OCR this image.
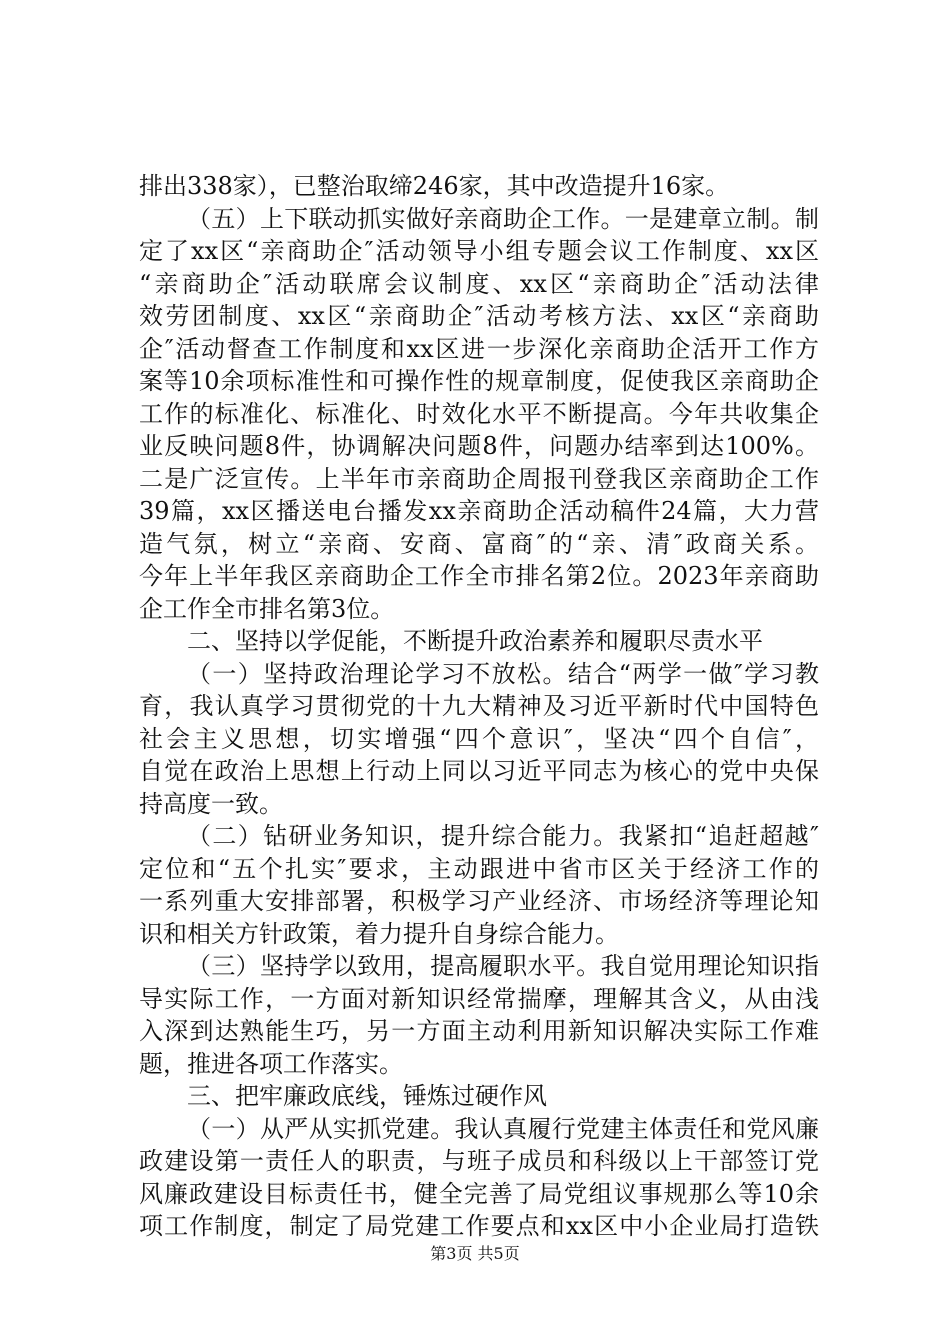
排出338家），已整治取缔246家，其中改造提升16家。
（五）上下联动抓实做好亲商助企工作。一是建章立制。制
定了xx区“亲商助企″活动领导小组专题会议工作制度、xx区
“亲商助企″活动联席会议制度、xx区“亲商助企″活动法律
效劳团制度、xx区“亲商助企″活动考核方法、xx区“亲商助
企″活动督查工作制度和xx区进一步深化亲商助企活开工作方
案等10余项标准性和可操作性的规章制度，促使我区亲商助企
工作的标准化、标准化、时效化水平不断提高。今年共收集企
业反映问题8件，协调解决问题8件，问题办结率到达100%。
二是广泛宣传。上半年市亲商助企周报刊登我区亲商助企工作
39篇，xx区播送电台播发xx亲商助企活动稿件24篇，大力营
造气氛，树立“亲商、安商、富商″的“亲、清″政商关系。
今年上半年我区亲商助企工作全市排名第2位。2023年亲商助
企工作全市排名第3位。
二、坚持以学促能，不断提升政治素养和履职尽责水平
（一）坚持政治理论学习不放松。结合“两学一做″学习教
育，我认真学习贯彻党的十九大精神及习近平新时代中国特色
社会主义思想，切实增强“四个意识″，坚决“四个自信″，
自觉在政治上思想上行动上同以习近平同志为核心的党中央保
持高度一致。
（二）钻研业务知识，提升综合能力。我紧扣“追赶超越″
定位和“五个扎实″要求，主动跟进中省市区关于经济工作的
一系列重大安排部署，积极学习产业经济、市场经济等理论知
识和相关方针政策，着力提升自身综合能力。
（三）坚持学以致用，提高履职水平。我自觉用理论知识指
导实际工作，一方面对新知识经常揣摩，理解其含义，从由浅
入深到达熟能生巧，另一方面主动利用新知识解决实际工作难
题，推进各项工作落实。
三、把牢廉政底线，锤炼过硬作风
（一）从严从实抓党建。我认真履行党建主体责任和党风廉
政建设第一责任人的职责，与班子成员和科级以上干部签订党
风廉政建设目标责任书，健全完善了局党组议事规那么等10余
项工作制度，制定了局党建工作要点和xx区中小企业局打造铁
第3页 共5页
